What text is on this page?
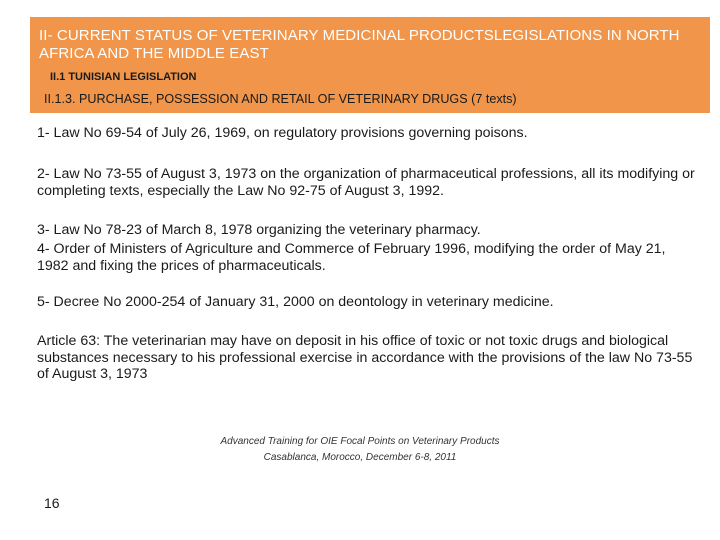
II- CURRENT STATUS OF VETERINARY MEDICINAL PRODUCTSLEGISLATIONS IN NORTH AFRICA AND THE MIDDLE EAST
II.1 TUNISIAN LEGISLATION
II.1.3. PURCHASE, POSSESSION AND RETAIL OF VETERINARY DRUGS (7 texts)
1- Law No 69-54 of July 26, 1969, on regulatory provisions governing poisons.
2- Law No 73-55 of August 3, 1973 on the organization of pharmaceutical professions, all its modifying or completing texts, especially the Law No 92-75 of August 3, 1992.
3- Law No 78-23 of March 8, 1978 organizing the veterinary pharmacy.
4- Order of Ministers of Agriculture and Commerce of February 1996, modifying the order of May 21, 1982 and fixing the prices of pharmaceuticals.
5- Decree No 2000-254 of January 31, 2000 on deontology in veterinary medicine.
Article 63: The veterinarian may have on deposit in his office of toxic or not toxic drugs and biological substances necessary to his professional exercise in accordance with the provisions of the law No 73-55 of August 3, 1973
Advanced Training for OIE Focal Points on Veterinary Products
Casablanca, Morocco, December 6-8, 2011
16
